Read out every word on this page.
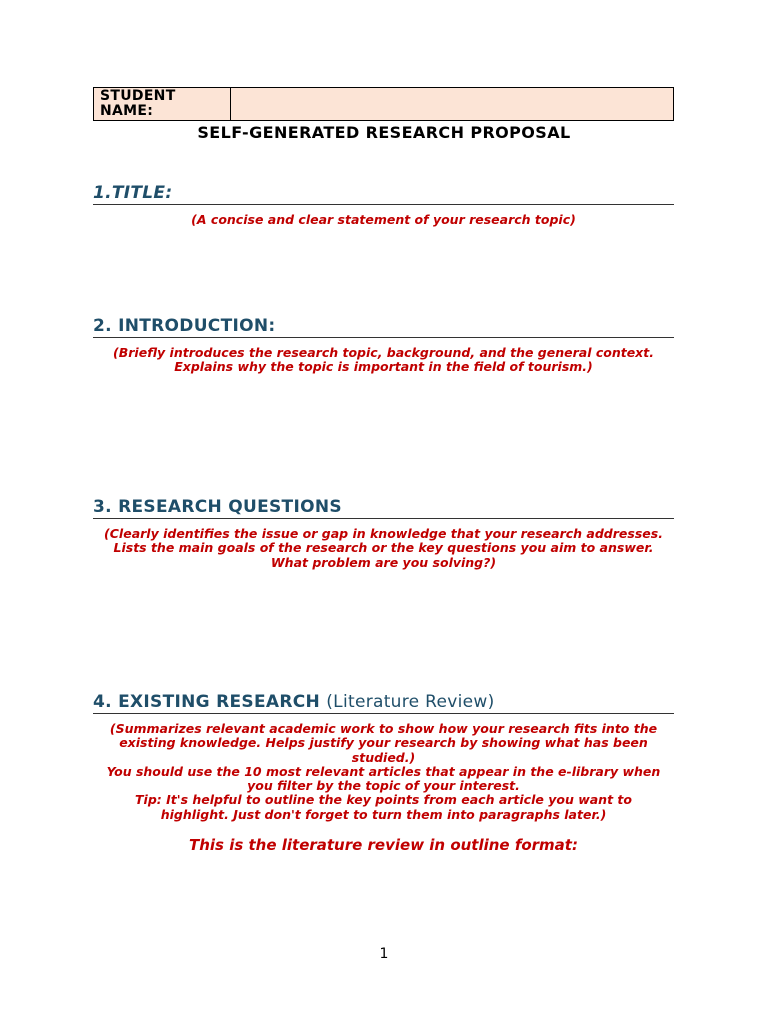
STUDENT NAME:
SELF-GENERATED RESEARCH PROPOSAL
1.TITLE:

(A concise and clear statement of your research topic)

2. INTRODUCTION:

(Briefly introduces the research topic, background, and the general context.

Explains why the topic is important in the field of tourism.)

3. RESEARCH QUESTIONS

(Clearly identifies the issue or gap in knowledge that your research addresses.

Lists the main goals of the research or the key questions you aim to answer.

What problem are you solving?)

4. EXISTING RESEARCH (Literature Review)

(Summarizes relevant academic work to show how your research fits into the

existing knowledge. Helps justify your research by showing what has been

studied.)

You should use the 10 most relevant articles that appear in the e-library when

you filter by the topic of your interest.

Tip: It's helpful to outline the key points from each article you want to

highlight. Just don't forget to turn them into paragraphs later.)

This is the literature review in outline format:
1
